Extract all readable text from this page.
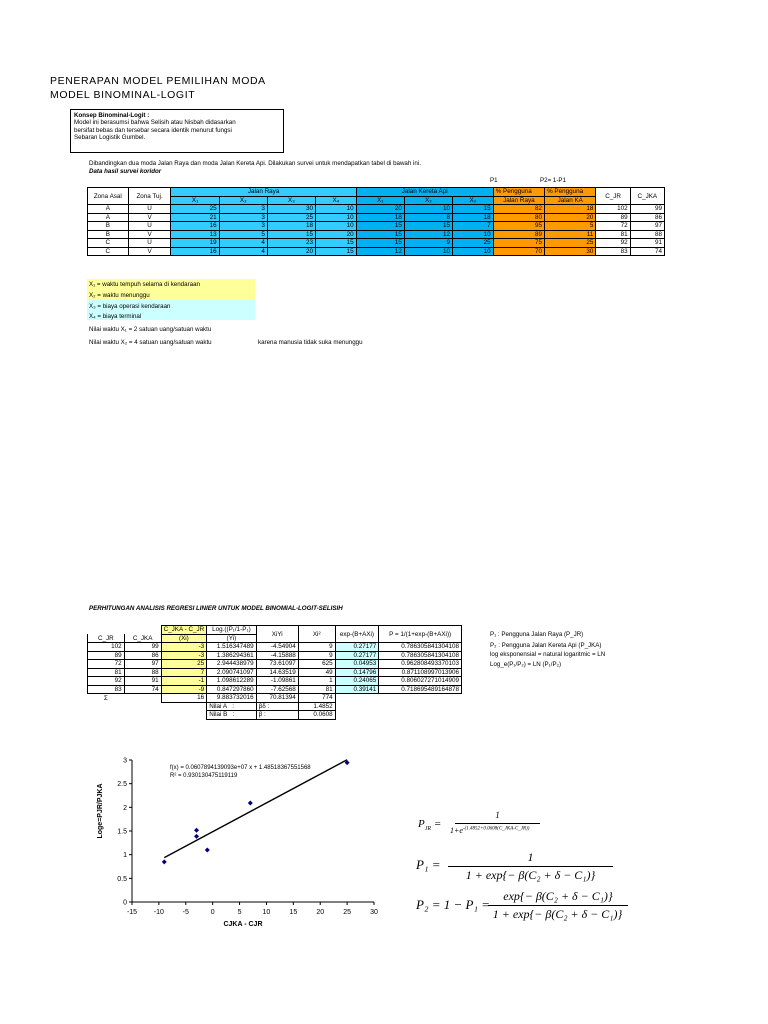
PENERAPAN MODEL PEMILIHAN MODA
MODEL BINOMINAL-LOGIT
Konsep Binominal-Logit :
Model ini berasumsi bahwa Selisih atau Nisbah didasarkan
bersifat bebas dan tersebar secara identik menurut fungsi
Sebaran Logistik Gumbel.
Dibandingkan dua moda Jalan Raya dan moda Jalan Kereta Api. Dilakukan survei untuk mendapatkan tabel di bawah ini.
Data hasil survei koridor
P1	P2= 1-P1
Zona Asal	Zona Tuj.	Jalan Raya				Jalan Kereta Api			% Pengguna	% Pengguna	C_JR	C_JKA
		X₁	X₂	X₃	X₄	X₁	X₂	X₃	Jalan Raya	Jalan KA		
A	U	25	3	30	10	20	10	15	82	18	102	99
A	V	21	3	25	10	18	8	18	80	20	89	86
B	U	16	3	18	10	15	15	7	95	5	72	97
B	V	13	5	15	20	15	12	10	89	11	81	88
C	U	19	4	23	15	15	9	25	75	25	92	91
C	V	16	4	20	15	12	10	10	70	30	83	74
X₁ = waktu tempuh selama di kendaraan
X₂ = waktu menunggu
X₃ = biaya operasi kendaraan
X₄ = biaya terminal
Nilai waktu X₁ = 2 satuan uang/satuan waktu
Nilai waktu X₂ = 4 satuan uang/satuan waktu	karena manusia tidak suka menunggu
PERHITUNGAN ANALISIS REGRESI LINIER UNTUK MODEL BINOMIAL-LOGIT-SELISIH
		C_JKA - C_JR	Log.((P₁/1-P₁)	XiYi	Xi²	exp-(B+AXi)	P = 1/(1+exp-(B+AXi))
C_JR	C_JKA	(Xi)	(Yi)				
102	99	-3	1.516347489	-4.54904	9	0.27177	0.786305841304108
89	86	-3	1.386294361	-4.15888	9	0.27177	0.786305841304108
72	97	25	2.944438979	73.61097	625	0.04953	0.962808493370103
81	88	7	2.090741097	14.63519	49	0.14796	0.871108997013906
92	91	-1	1.098612289	-1.09861	1	0.24065	0.806027271014909
83	74	-9	0.847297860	-7.62568	81	0.39141	0.718695489164878
Σ		16	9.883732016	70.81394	774		
			Nilai A :	βδ :	1.4852		
			Nilai B :	β :	0.0608		
P₁ : Pengguna Jalan Raya (P_JR)
P₂ : Pengguna Jalan Kereta Api (P_JKA)
log eksponensial = natural logaritmic = LN
Log_e(P₁/P₂) = LN (P₁/P₂)
-15 -10	-5	0	5	10	15	20	25	30
0
0.5
1
1.5
2
2.5
3
f(x) = 0.0607894139093e+07 x + 1.48518367551568
R² = 0.930130475119119
CJKA - CJR
Loge=PJR/PJKA	$P_{JR}$ =
1
$1+e^{-(1.4852+0.0608(C\_JKA-C\_JR))}$
P₁ =	1
1 + exp{− β(C₂ + δ − C₁)}
P₂ = 1 − P₁ =
exp{− β(C₂ + δ − C₁)}
1 + exp{− β(C₂ + δ − C₁)}
